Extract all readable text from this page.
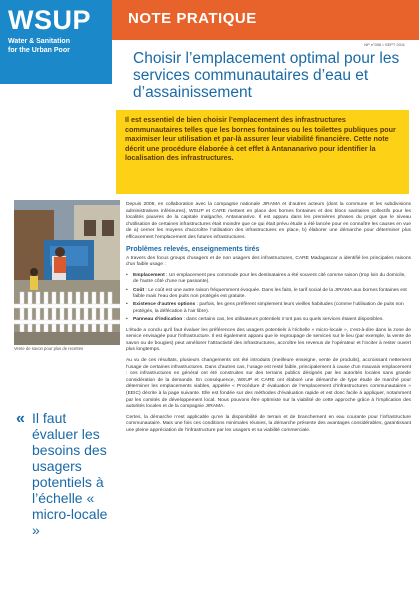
WSUP
Water & Sanitation
for the Urban Poor
NOTE PRATIQUE
NP n°006 • SEPT 2011
Choisir l’emplacement optimal pour les services communautaires d’eau et d’assainissement

Il est essentiel de bien choisir l’emplacement des infrastructures communautaires telles que les bornes fontaines ou les toilettes publiques pour maximiser leur utilisation et par-là assurer leur viabilité financière. Cette note décrit une procédure élaborée à cet effet à Antananarivo pour identifier la localisation des infrastructures.

Vente de savon pour plus de recettes
« Il faut évaluer les besoins des usagers potentiels à l’échelle « micro-locale »

Depuis 2008, en collaboration avec la compagnie nationale JIRAMA et d’autres acteurs (dont la commune et les subdivisions administratives inférieures), WSUP et CARE mettent en place des bornes fontaines et des blocs sanitaires collectifs pour les localités pauvres de la capitale malgache, Antananarivo. Il est apparu dans les premières phases du projet que le niveau d’utilisation de certaines infrastructures était moindre que ce qui était prévu étude a été lancée pour en connaître les causes en vue de a) cerner les moyens d’accroître l’utilisation des infrastructures en place, b) élaborer une démarche pour déterminer plus efficacement l’emplacement des futures infrastructures.

Problèmes relevés, enseignements tirés

A travers des focus groups d’usagers et de non usagers des infrastructures, CARE Madagascar a identifié les principales raisons d’un faible usage :

• Emplacement : Un emplacement peu commode pour les destinataires a été souvent cité comme raison (trop loin du domicile, de l’autre côté d’une rue passante).
• Coût : Le coût est une autre raison fréquemment évoquée. Dans les faits, le tarif social de la JIRAMA aux bornes fontaines est faible mais l’eau des puits non protégés est gratuite.
• Existence d’autres options : parfois, les gens préfèrent simplement leurs vieilles habitudes (comme l’utilisation de puits non protégés, la défécation à l’air libre).
• Panneau d’indication : dans certains cas, les utilisateurs potentiels n’ont pas su quels services étaient disponibles.

L’étude a conclu qu’il faut évaluer les préférences des usagers potentiels à l’échelle « micro-locale », c’est-à-dire dans la zone de service envisagée pour l’infrastructure. Il est également apparu que le regroupage de services sur le lieu (par exemple, la vente de savon ou de bougies) peut améliorer l’attractivité des infrastructures, accroître les revenus de l’opérateur et l’inciter à rester ouvert plus longtemps.

Au vu de ces résultats, plusieurs changements ont été introduits (meilleure enseigne, vente de produits), accroissant nettement l’usage de certaines infrastructures. Dans d’autres cas, l’usage est resté faible, principalement à cause d’un mauvais emplacement : ces infrastructures en général ont été construites sur des terrains publics désignés par les autorités locales sans grande considération de la demande. En conséquence, WSUP et CARE ont élaboré une démarche de type étude de marché pour déterminer les emplacements viables, appelée « Procédure d’ évaluation de l’emplacement d’infrastructures communautaires » (EEIC) décrite à la page suivante. Elle est fondée sur des méthodes d’évaluation rapide et est donc facile à appliquer, notamment par les comités de développement local. Nous pouvons être optimiste sur la viabilité de cette approche grâce à l’implication des autorités locales et de la compagnie JIRAMA.

Certes, la démarche n’est applicable qu’en la disponibilité de terrain et de branchement en eau courante pour l’infrastructure communautaire. Mais une fois ces conditions minimales réunies, la démarche présente des avantages considérables, garantissant une pleine appréciation de l’infrastructure par les usagers et sa viabilité commerciale.
